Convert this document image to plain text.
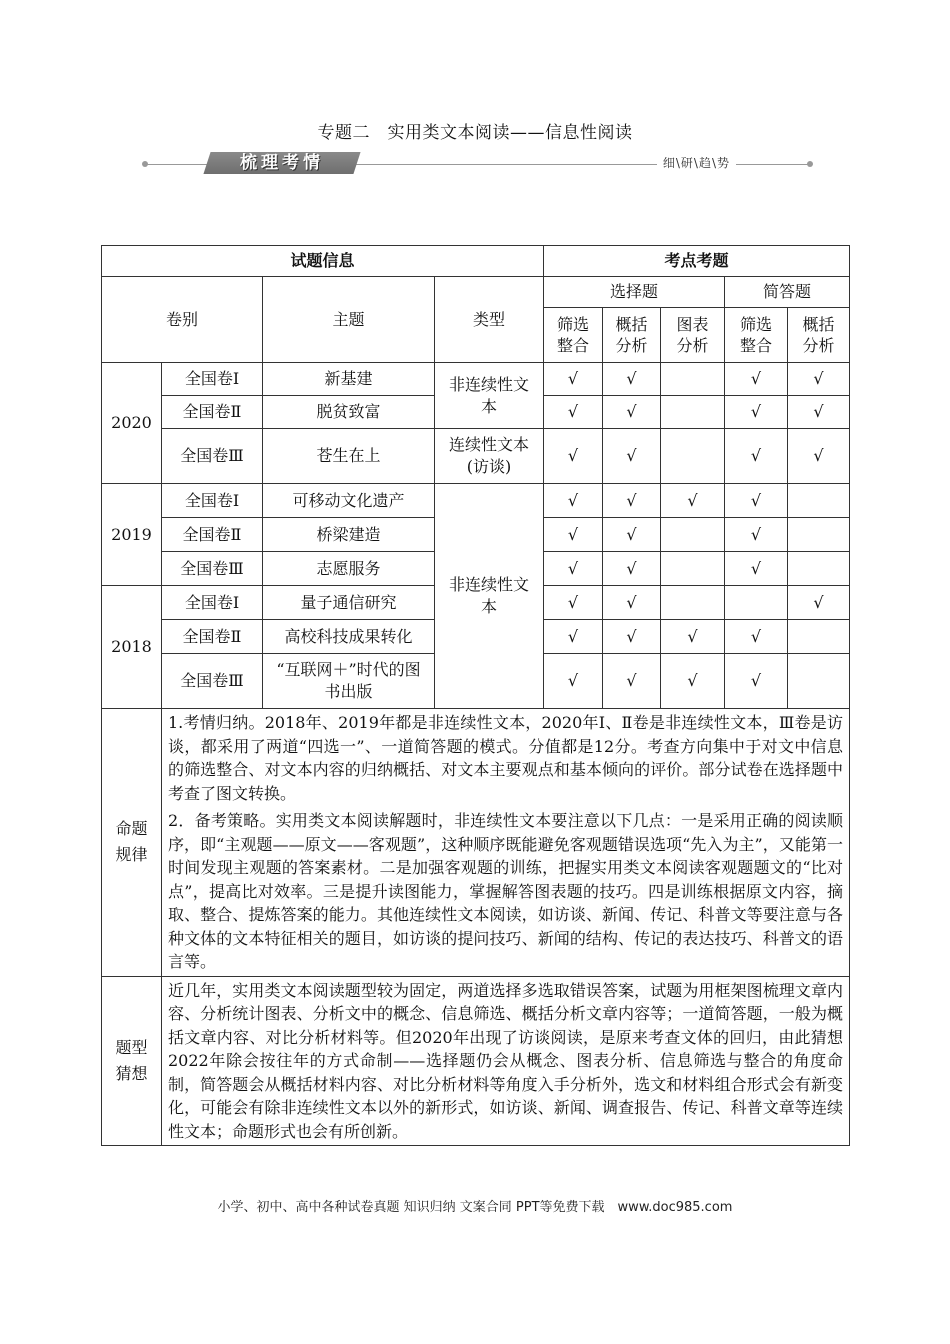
专题二　实用类文本阅读——信息性阅读
梳理考情	细\研\趋\势
试题信息				考点考题				
卷别		主题	类型	选择题			简答题	
				筛选整合	概括分析	图表分析	筛选整合	概括分析
2020	全国卷Ⅰ	新基建	非连续性文本	√	√		√	√
	全国卷Ⅱ	脱贫致富		√	√		√	√
	全国卷Ⅲ	苍生在上	连续性文本(访谈)	√	√		√	√
2019	全国卷Ⅰ	可移动文化遗产	非连续性文本	√	√	√	√	
	全国卷Ⅱ	桥梁建造		√	√		√	
	全国卷Ⅲ	志愿服务		√	√		√	
2018	全国卷Ⅰ	量子通信研究		√	√			√
	全国卷Ⅱ	高校科技成果转化		√	√	√	√	
	全国卷Ⅲ	“互联网＋”时代的图书出版		√	√	√	√	
命题规律	1.考情归纳。2018年、2019年都是非连续性文本，2020年Ⅰ、Ⅱ卷是非连续性文本，Ⅲ卷是访谈，都采用了两道“四选一”、一道简答题的模式。分值都是12分。考查方向集中于对文中信息的筛选整合、对文本内容的归纳概括、对文本主要观点和基本倾向的评价。部分试卷在选择题中考查了图文转换。

2．备考策略。实用类文本阅读解题时，非连续性文本要注意以下几点：一是采用正确的阅读顺序，即“主观题——原文——客观题”，这种顺序既能避免客观题错误选项“先入为主”，又能第一时间发现主观题的答案素材。二是加强客观题的训练，把握实用类文本阅读客观题题文的“比对点”，提高比对效率。三是提升读图能力，掌握解答图表题的技巧。四是训练根据原文内容，摘取、整合、提炼答案的能力。其他连续性文本阅读，如访谈、新闻、传记、科普文等要注意与各种文体的文本特征相关的题目，如访谈的提问技巧、新闻的结构、传记的表达技巧、科普文的语言等。							

题型猜想	近几年，实用类文本阅读题型较为固定，两道选择多选取错误答案，试题为用框架图梳理文章内容、分析统计图表、分析文中的概念、信息筛选、概括分析文章内容等；一道简答题，一般为概括文章内容、对比分析材料等。但2020年出现了访谈阅读，是原来考查文体的回归，由此猜想2022年除会按往年的方式命制——选择题仍会从概念、图表分析、信息筛选与整合的角度命制，简答题会从概括材料内容、对比分析材料等角度入手分析外，选文和材料组合形式会有新变化，可能会有除非连续性文本以外的新形式，如访谈、新闻、调查报告、传记、科普文章等连续性文本；命题形式也会有所创新。							
小学、初中、高中各种试卷真题 知识归纳 文案合同 PPT等免费下载　www.doc985.com
